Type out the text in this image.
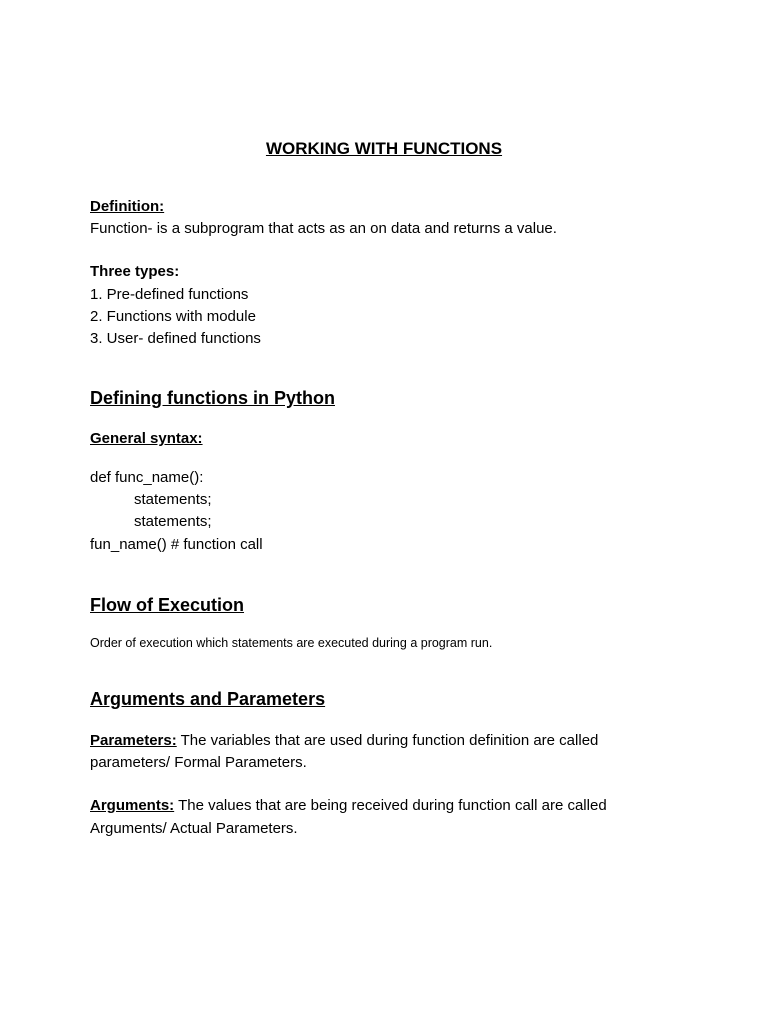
WORKING WITH FUNCTIONS
Definition:
Function- is a subprogram that acts as an on data and returns a value.
Three types:
1. Pre-defined functions
2. Functions with module
3. User- defined functions
Defining functions in Python
General syntax:
def func_name():
statements;
statements;
fun_name() # function call
Flow of Execution
Order of execution which statements are executed during a program run.
Arguments and Parameters
Parameters: The variables that are used during function definition are called
parameters/ Formal Parameters.
Arguments: The values that are being received during function call are called
Arguments/ Actual Parameters.
